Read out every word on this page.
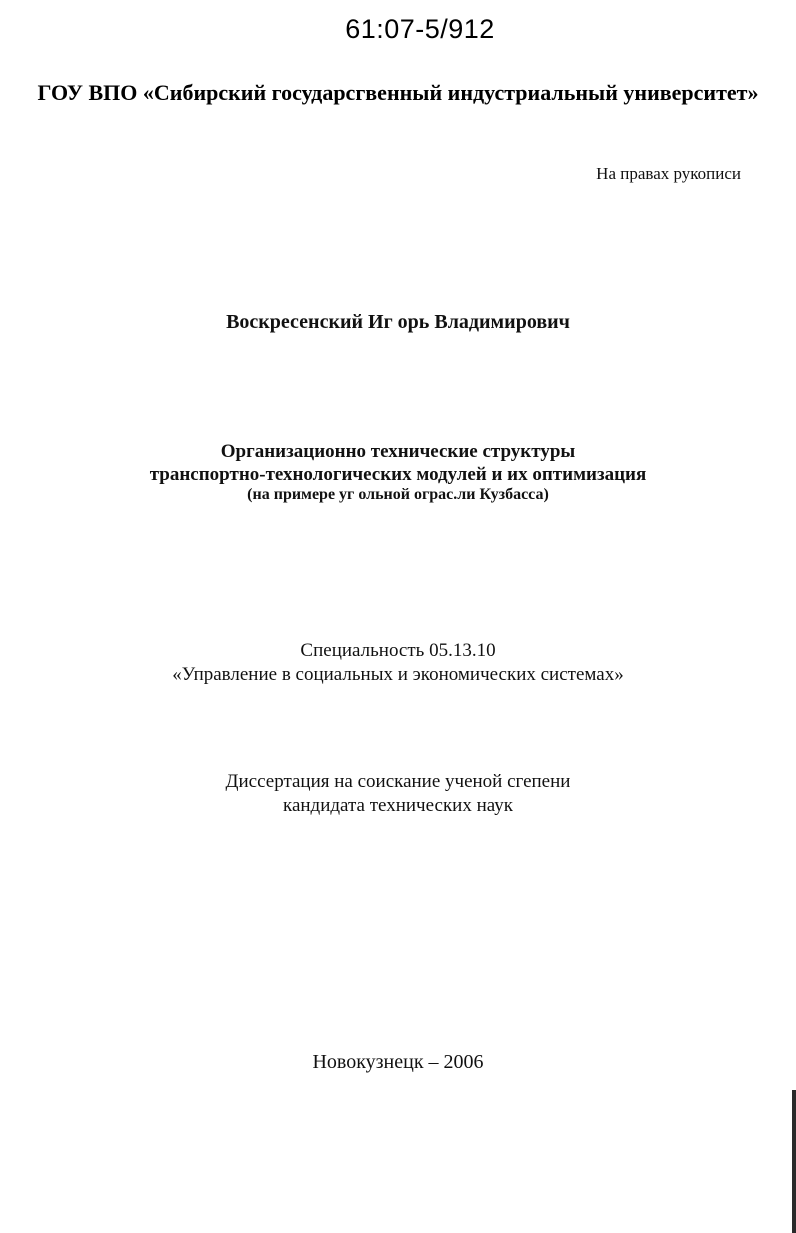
61:07-5/912
ГОУ ВПО «Сибирский государсгвенный индустриальный университет»
На правах рукописи
Воскресенский Иг орь Владимирович
Организационно технические структуры
транспортно-технологических модулей и их оптимизация
(на примере уг ольной ограс.ли Кузбасса)
Специальность 05.13.10
«Управление в социальных и экономических системах»
Диссертация на соискание ученой сгепени
кандидата технических наук
Новокузнецк – 2006
